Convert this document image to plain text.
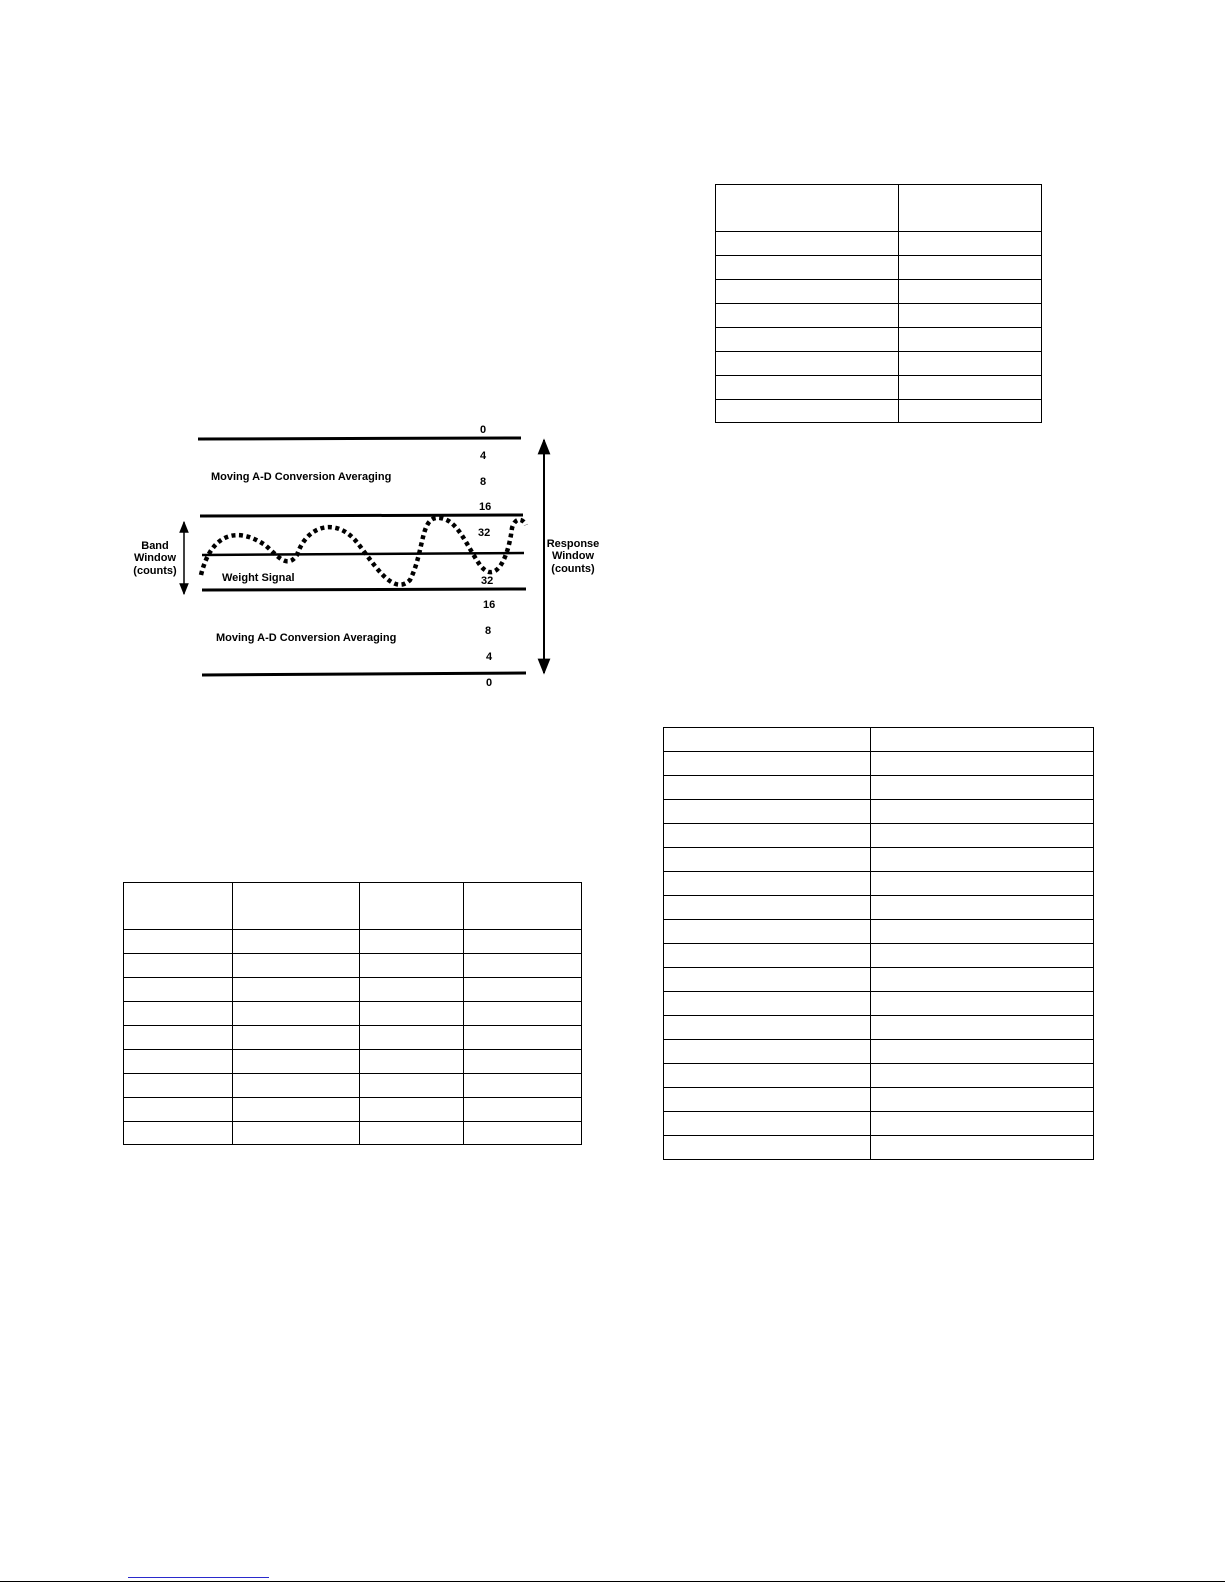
Moving A-D Conversion Averaging
Moving A-D Conversion Averaging
Weight Signal
Band
Window
(counts)
Response
Window
(counts)
0
4
8
16
32
32
16
8
4
0
